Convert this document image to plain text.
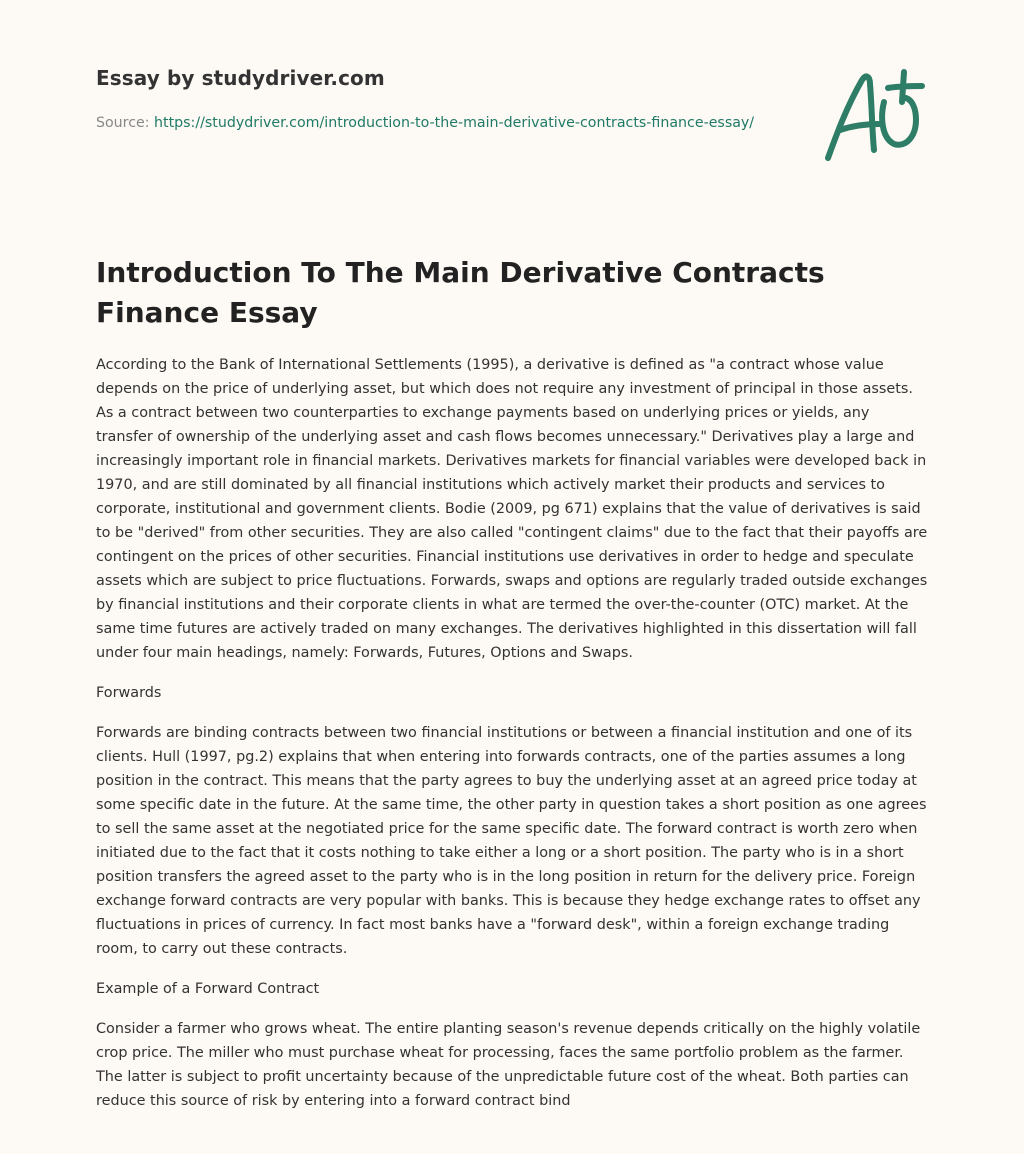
Essay by studydriver.com
Source: https://studydriver.com/introduction-to-the-main-derivative-contracts-finance-essay/
Introduction To The Main Derivative Contracts Finance Essay

According to the Bank of International Settlements (1995), a derivative is defined as "a contract whose value depends on the price of underlying asset, but which does not require any investment of principal in those assets. As a contract between two counterparties to exchange payments based on underlying prices or yields, any transfer of ownership of the underlying asset and cash flows becomes unnecessary." Derivatives play a large and increasingly important role in financial markets. Derivatives markets for financial variables were developed back in 1970, and are still dominated by all financial institutions which actively market their products and services to corporate, institutional and government clients. Bodie (2009, pg 671) explains that the value of derivatives is said to be "derived" from other securities. They are also called "contingent claims" due to the fact that their payoffs are contingent on the prices of other securities. Financial institutions use derivatives in order to hedge and speculate assets which are subject to price fluctuations. Forwards, swaps and options are regularly traded outside exchanges by financial institutions and their corporate clients in what are termed the over-the-counter (OTC) market. At the same time futures are actively traded on many exchanges. The derivatives highlighted in this dissertation will fall under four main headings, namely: Forwards, Futures, Options and Swaps.

Forwards

Forwards are binding contracts between two financial institutions or between a financial institution and one of its clients. Hull (1997, pg.2) explains that when entering into forwards contracts, one of the parties assumes a long position in the contract. This means that the party agrees to buy the underlying asset at an agreed price today at some specific date in the future. At the same time, the other party in question takes a short position as one agrees to sell the same asset at the negotiated price for the same specific date. The forward contract is worth zero when initiated due to the fact that it costs nothing to take either a long or a short position. The party who is in a short position transfers the agreed asset to the party who is in the long position in return for the delivery price. Foreign exchange forward contracts are very popular with banks. This is because they hedge exchange rates to offset any fluctuations in prices of currency. In fact most banks have a "forward desk", within a foreign exchange trading room, to carry out these contracts.

Example of a Forward Contract

Consider a farmer who grows wheat. The entire planting season's revenue depends critically on the highly volatile crop price. The miller who must purchase wheat for processing, faces the same portfolio problem as the farmer. The latter is subject to profit uncertainty because of the unpredictable future cost of the wheat. Both parties can reduce this source of risk by entering into a forward contract bind
